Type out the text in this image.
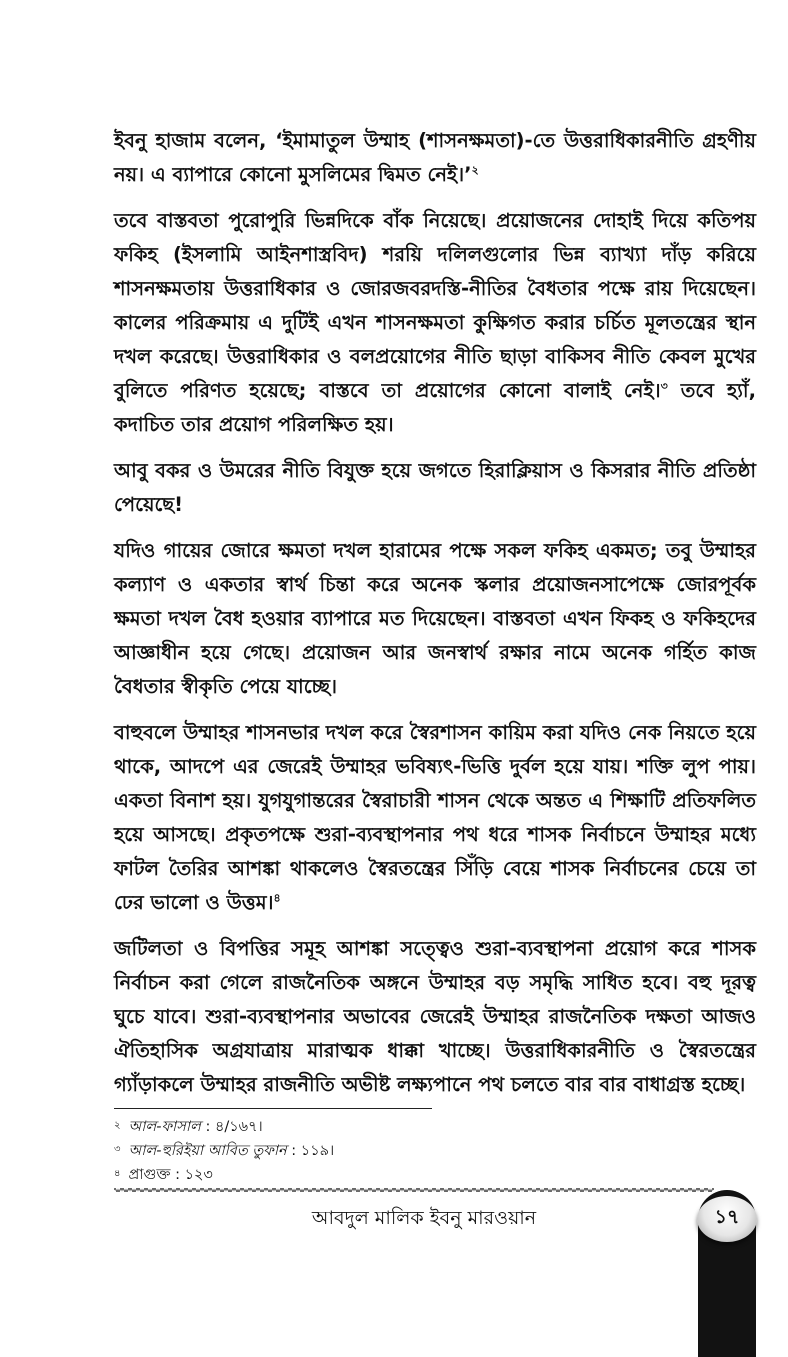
ইবনু হাজাম বলেন, ‘ইমামাতুল উম্মাহ (শাসনক্ষমতা)-তে উত্তরাধিকারনীতি গ্রহণীয় নয়। এ ব্যাপারে কোনো মুসলিমের দ্বিমত নেই।’$^২$

তবে বাস্তবতা পুরোপুরি ভিন্নদিকে বাঁক নিয়েছে। প্রয়োজনের দোহাই দিয়ে কতিপয় ফকিহ (ইসলামি আইনশাস্ত্রবিদ) শরয়ি দলিলগুলোর ভিন্ন ব্যাখ্যা দাঁড় করিয়ে শাসনক্ষমতায় উত্তরাধিকার ও জোরজবরদস্তি-নীতির বৈধতার পক্ষে রায় দিয়েছেন। কালের পরিক্রমায় এ দুটিই এখন শাসনক্ষমতা কুক্ষিগত করার চর্চিত মূলতন্ত্রের স্থান দখল করেছে। উত্তরাধিকার ও বলপ্রয়োগের নীতি ছাড়া বাকিসব নীতি কেবল মুখের বুলিতে পরিণত হয়েছে; বাস্তবে তা প্রয়োগের কোনো বালাই নেই।$^৩$ তবে হ্যাঁ, কদাচিত তার প্রয়োগ পরিলক্ষিত হয়।

আবু বকর ও উমরের নীতি বিযুক্ত হয়ে জগতে হিরাক্লিয়াস ও কিসরার নীতি প্রতিষ্ঠা পেয়েছে!

যদিও গায়ের জোরে ক্ষমতা দখল হারামের পক্ষে সকল ফকিহ একমত; তবু উম্মাহর কল্যাণ ও একতার স্বার্থ চিন্তা করে অনেক স্কলার প্রয়োজনসাপেক্ষে জোরপূর্বক ক্ষমতা দখল বৈধ হওয়ার ব্যাপারে মত দিয়েছেন। বাস্তবতা এখন ফিকহ ও ফকিহদের আজ্ঞাধীন হয়ে গেছে। প্রয়োজন আর জনস্বার্থ রক্ষার নামে অনেক গর্হিত কাজ বৈধতার স্বীকৃতি পেয়ে যাচ্ছে।

বাহুবলে উম্মাহর শাসনভার দখল করে স্বৈরশাসন কায়িম করা যদিও নেক নিয়তে হয়ে থাকে, আদপে এর জেরেই উম্মাহর ভবিষ্যৎ-ভিত্তি দুর্বল হয়ে যায়। শক্তি লুপ পায়। একতা বিনাশ হয়। যুগযুগান্তরের স্বৈরাচারী শাসন থেকে অন্তত এ শিক্ষাটি প্রতিফলিত হয়ে আসছে। প্রকৃতপক্ষে শুরা-ব্যবস্থাপনার পথ ধরে শাসক নির্বাচনে উম্মাহর মধ্যে ফাটল তৈরির আশঙ্কা থাকলেও স্বৈরতন্ত্রের সিঁড়ি বেয়ে শাসক নির্বাচনের চেয়ে তা ঢের ভালো ও উত্তম।$^৪$

জটিলতা ও বিপত্তির সমূহ আশঙ্কা সত্ত্বেও শুরা-ব্যবস্থাপনা প্রয়োগ করে শাসক নির্বাচন করা গেলে রাজনৈতিক অঙ্গনে উম্মাহর বড় সমৃদ্ধি সাধিত হবে। বহু দূরত্ব ঘুচে যাবে। শুরা-ব্যবস্থাপনার অভাবের জেরেই উম্মাহর রাজনৈতিক দক্ষতা আজও ঐতিহাসিক অগ্রযাত্রায় মারাত্মক ধাক্কা খাচ্ছে। উত্তরাধিকারনীতি ও স্বৈরতন্ত্রের গ্যাঁড়াকলে উম্মাহর রাজনীতি অভীষ্ট লক্ষ্যপানে পথ চলতে বার বার বাধাগ্রস্ত হচ্ছে।

২ আল-ফাসাল : ৪/১৬৭।
৩ আল-হুরিইয়া আবিত তুফান : ১১৯।
৪ প্রাগুক্ত : ১২৩
আবদুল মালিক ইবনু মারওয়ান	১৭
